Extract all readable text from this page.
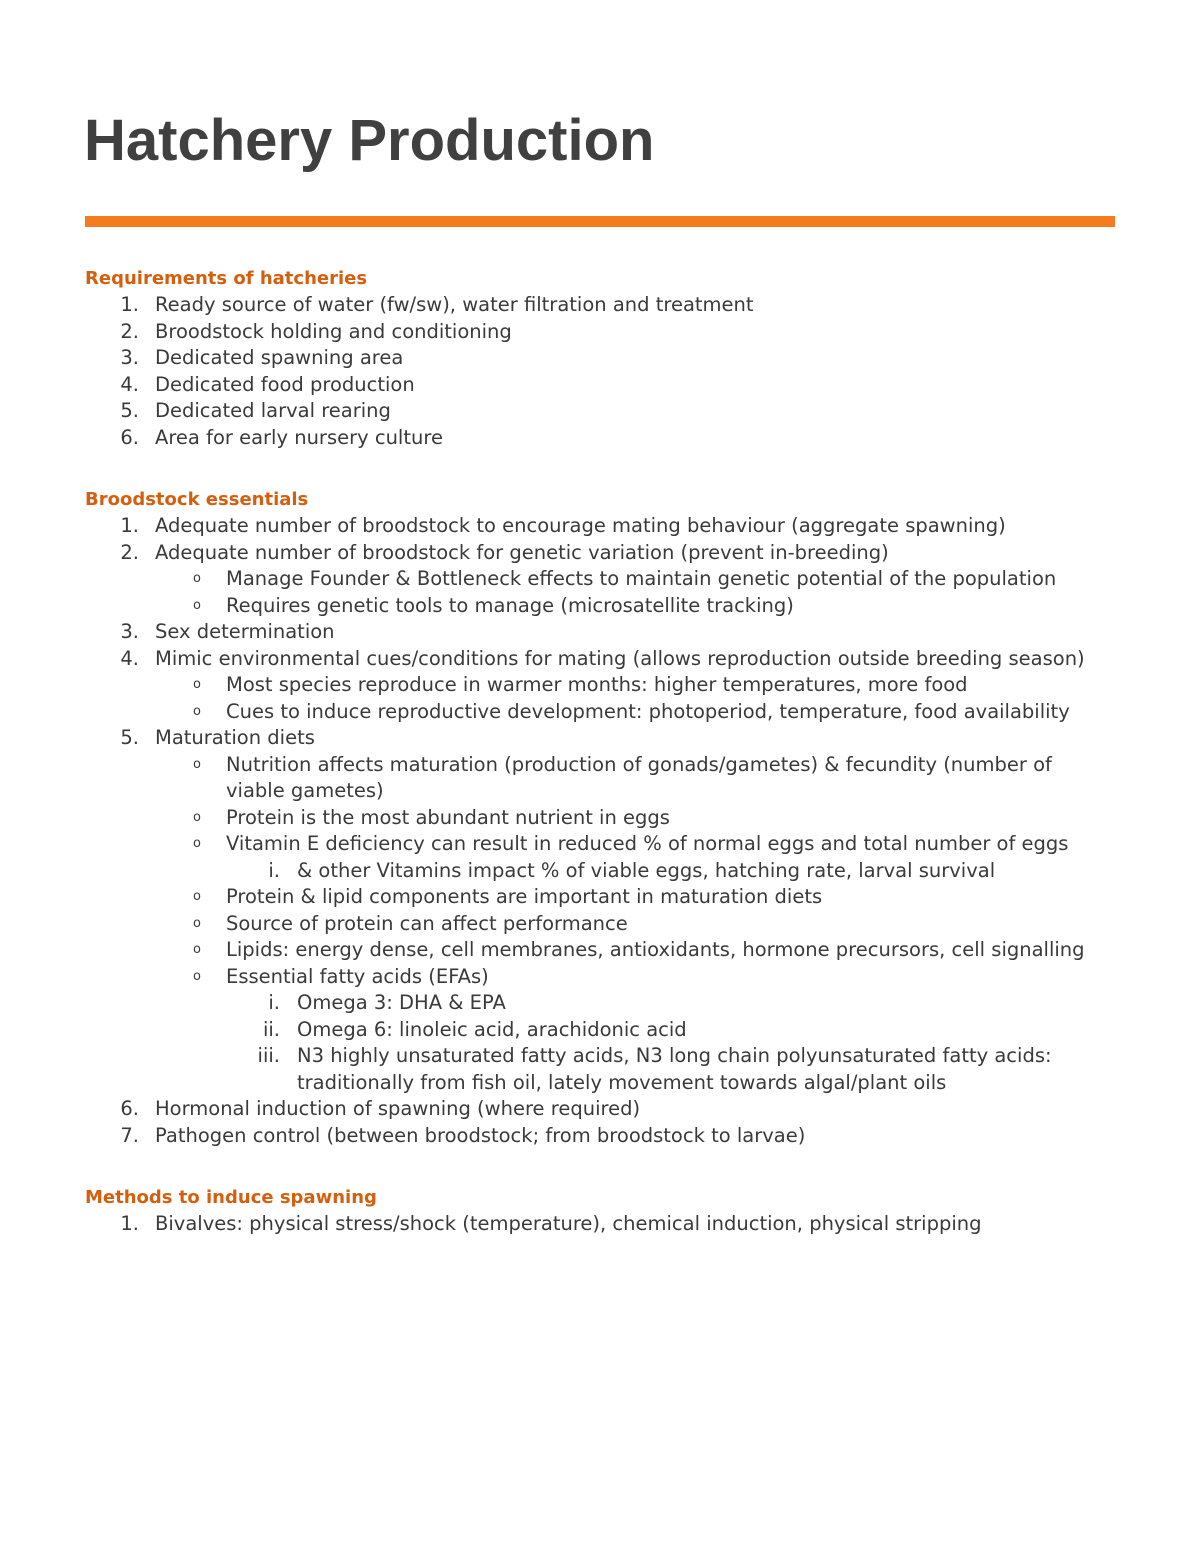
Hatchery Production
Requirements of hatcheries
1. Ready source of water (fw/sw), water filtration and treatment
2. Broodstock holding and conditioning
3. Dedicated spawning area
4. Dedicated food production
5. Dedicated larval rearing
6. Area for early nursery culture
Broodstock essentials
1. Adequate number of broodstock to encourage mating behaviour (aggregate spawning)
2. Adequate number of broodstock for genetic variation (prevent in-breeding)
o	Manage Founder & Bottleneck effects to maintain genetic potential of the population
o	Requires genetic tools to manage (microsatellite tracking)
3. Sex determination
4. Mimic environmental cues/conditions for mating (allows reproduction outside breeding season)
o	Most species reproduce in warmer months: higher temperatures, more food
o	Cues to induce reproductive development: photoperiod, temperature, food availability
5. Maturation diets
o	Nutrition affects maturation (production of gonads/gametes) & fecundity (number of viable gametes)
o	Protein is the most abundant nutrient in eggs
o	Vitamin E deficiency can result in reduced % of normal eggs and total number of eggs
i. & other Vitamins impact % of viable eggs, hatching rate, larval survival
o	Protein & lipid components are important in maturation diets
o	Source of protein can affect performance
o	Lipids: energy dense, cell membranes, antioxidants, hormone precursors, cell signalling
o	Essential fatty acids (EFAs)
i. Omega 3: DHA & EPA
ii. Omega 6: linoleic acid, arachidonic acid
iii. N3 highly unsaturated fatty acids, N3 long chain polyunsaturated fatty acids: traditionally from fish oil, lately movement towards algal/plant oils
6. Hormonal induction of spawning (where required)
7. Pathogen control (between broodstock; from broodstock to larvae)
Methods to induce spawning
1. Bivalves: physical stress/shock (temperature), chemical induction, physical stripping
